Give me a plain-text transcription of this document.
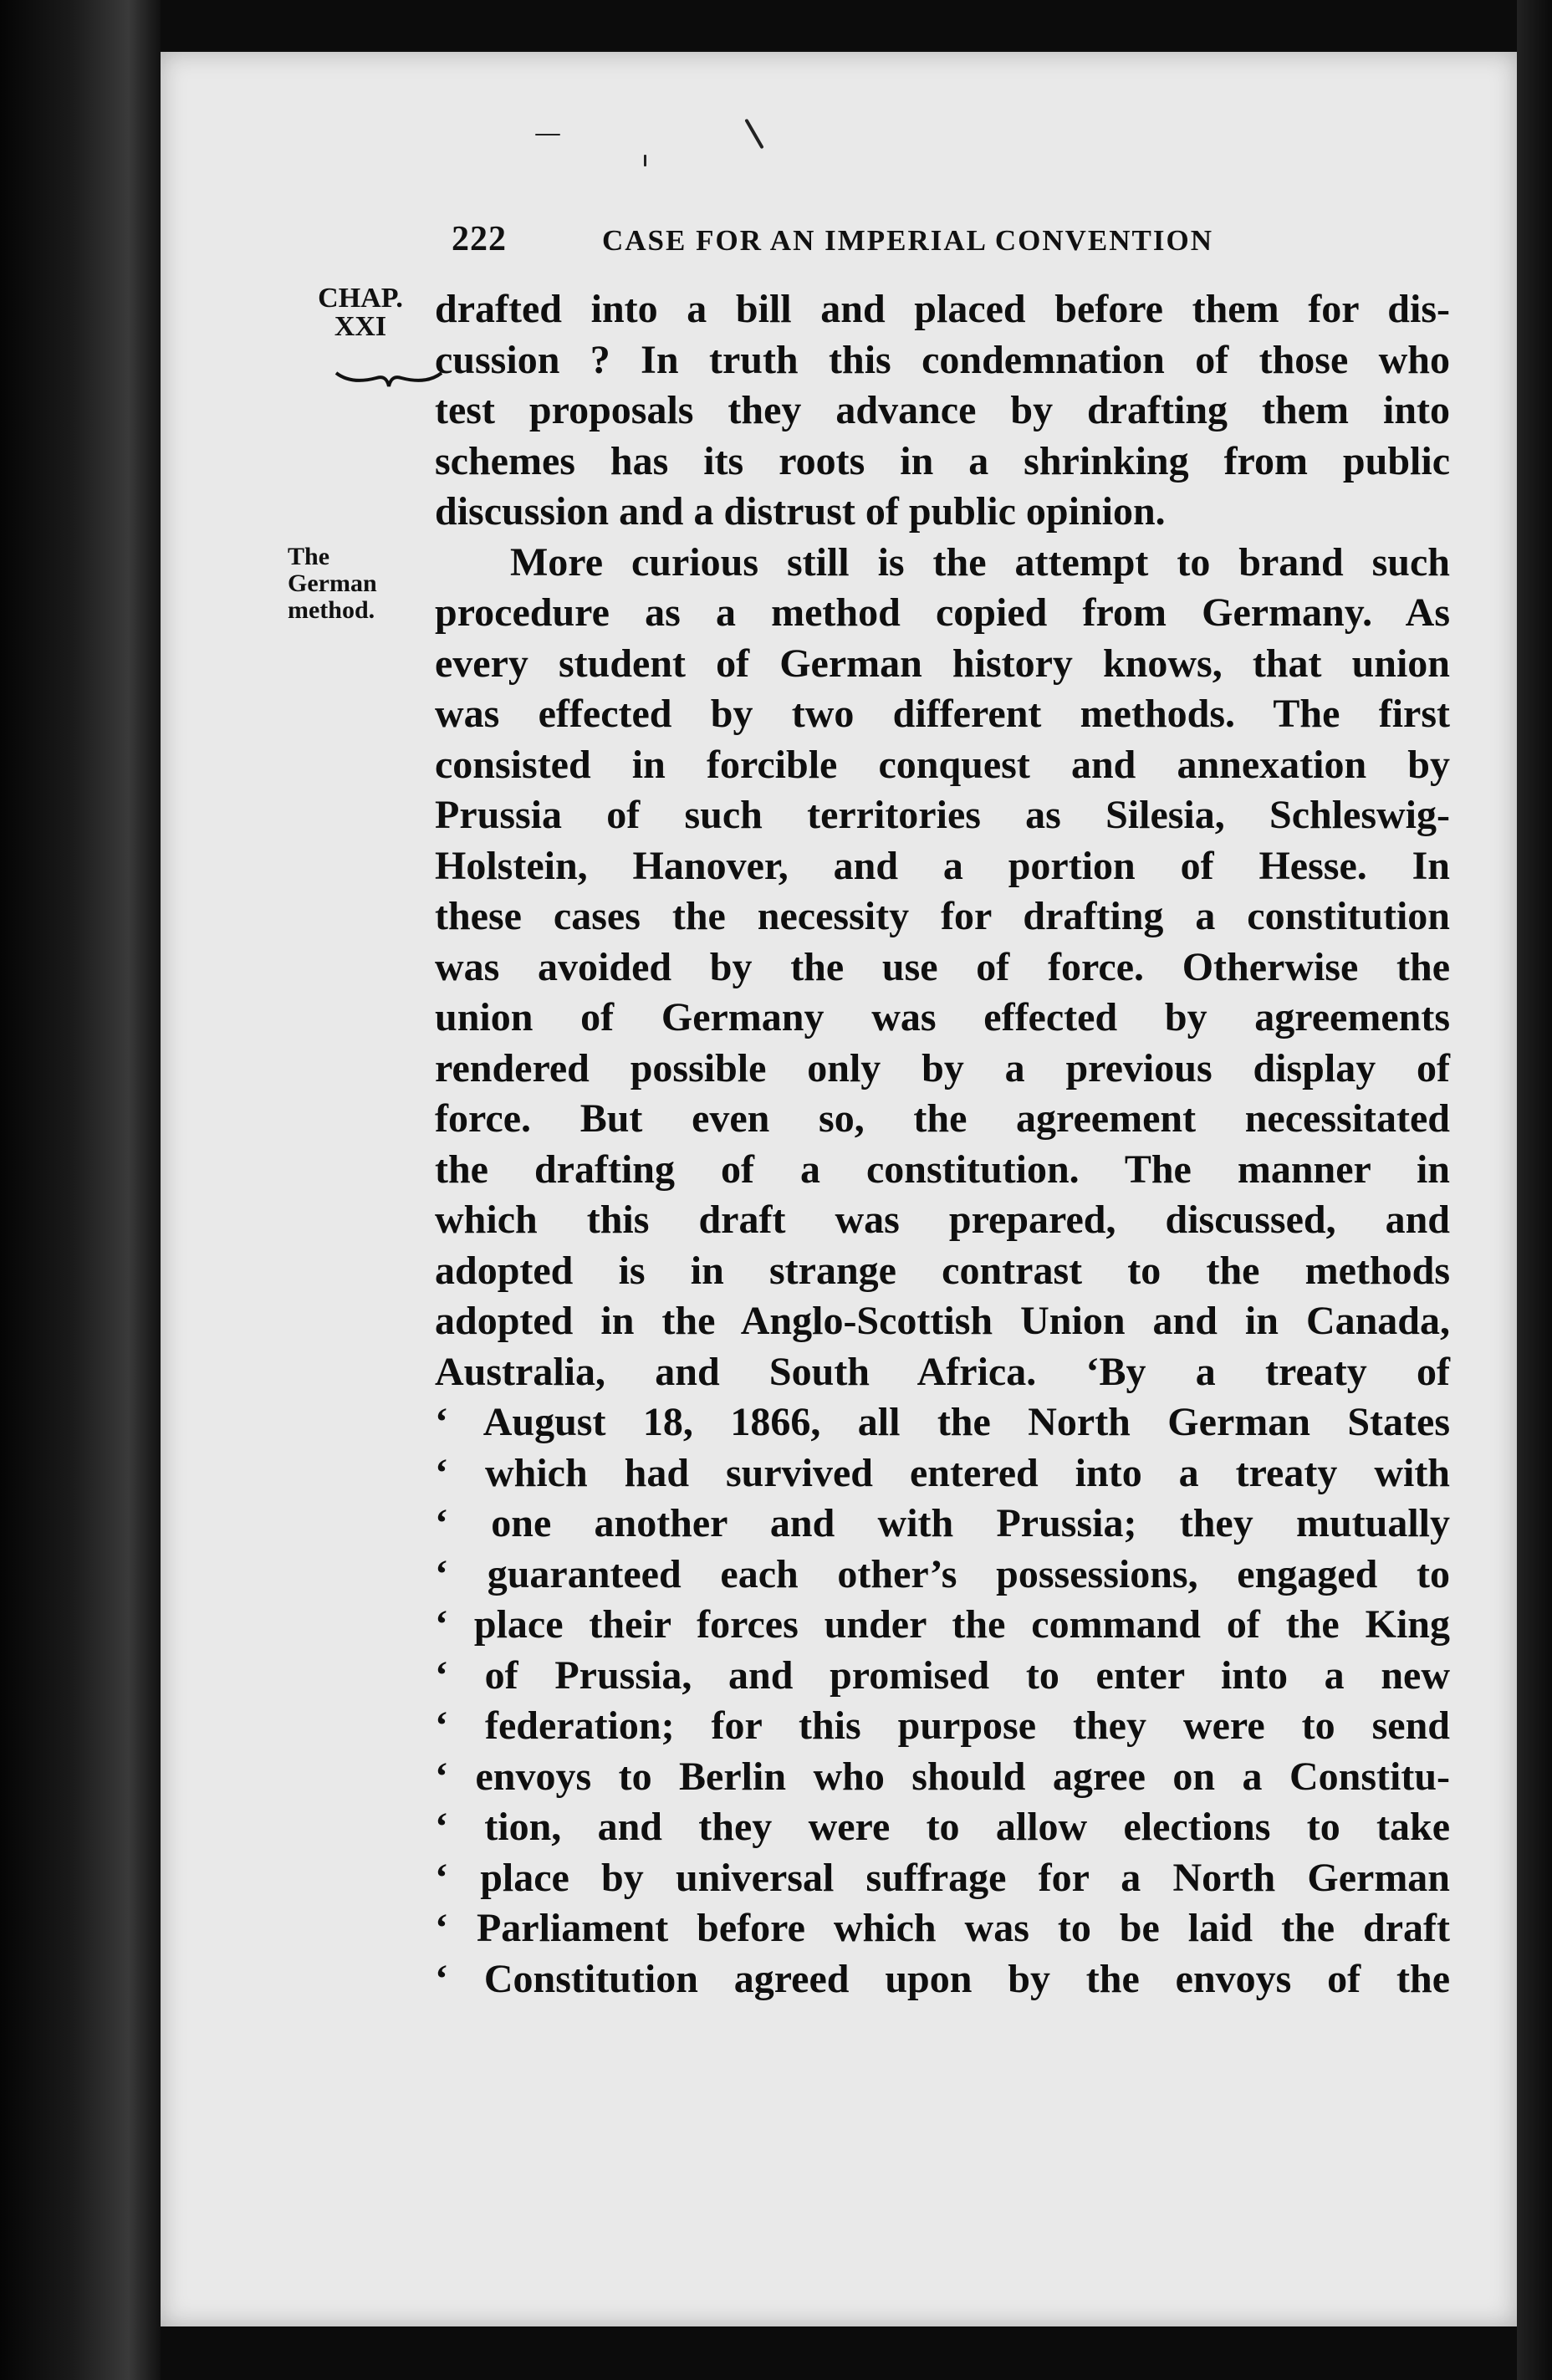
222	CASE FOR AN IMPERIAL CONVENTION
CHAP.
XXI
The
German
method.
drafted into a bill and placed before them for dis-
cussion ? In truth this condemnation of those who
test proposals they advance by drafting them into
schemes has its roots in a shrinking from public
discussion and a distrust of public opinion.
More curious still is the attempt to brand such
procedure as a method copied from Germany. As
every student of German history knows, that union
was effected by two different methods. The first
consisted in forcible conquest and annexation by
Prussia of such territories as Silesia, Schleswig-
Holstein, Hanover, and a portion of Hesse. In
these cases the necessity for drafting a constitution
was avoided by the use of force. Otherwise the
union of Germany was effected by agreements
rendered possible only by a previous display of
force. But even so, the agreement necessitated
the drafting of a constitution. The manner in
which this draft was prepared, discussed, and
adopted is in strange contrast to the methods
adopted in the Anglo-Scottish Union and in Canada,
Australia, and South Africa. ‘By a treaty of
‘ August 18, 1866, all the North German States
‘ which had survived entered into a treaty with
‘ one another and with Prussia; they mutually
‘ guaranteed each other’s possessions, engaged to
‘ place their forces under the command of the King
‘ of Prussia, and promised to enter into a new
‘ federation; for this purpose they were to send
‘ envoys to Berlin who should agree on a Constitu-
‘ tion, and they were to allow elections to take
‘ place by universal suffrage for a North German
‘ Parliament before which was to be laid the draft
‘ Constitution agreed upon by the envoys of the
